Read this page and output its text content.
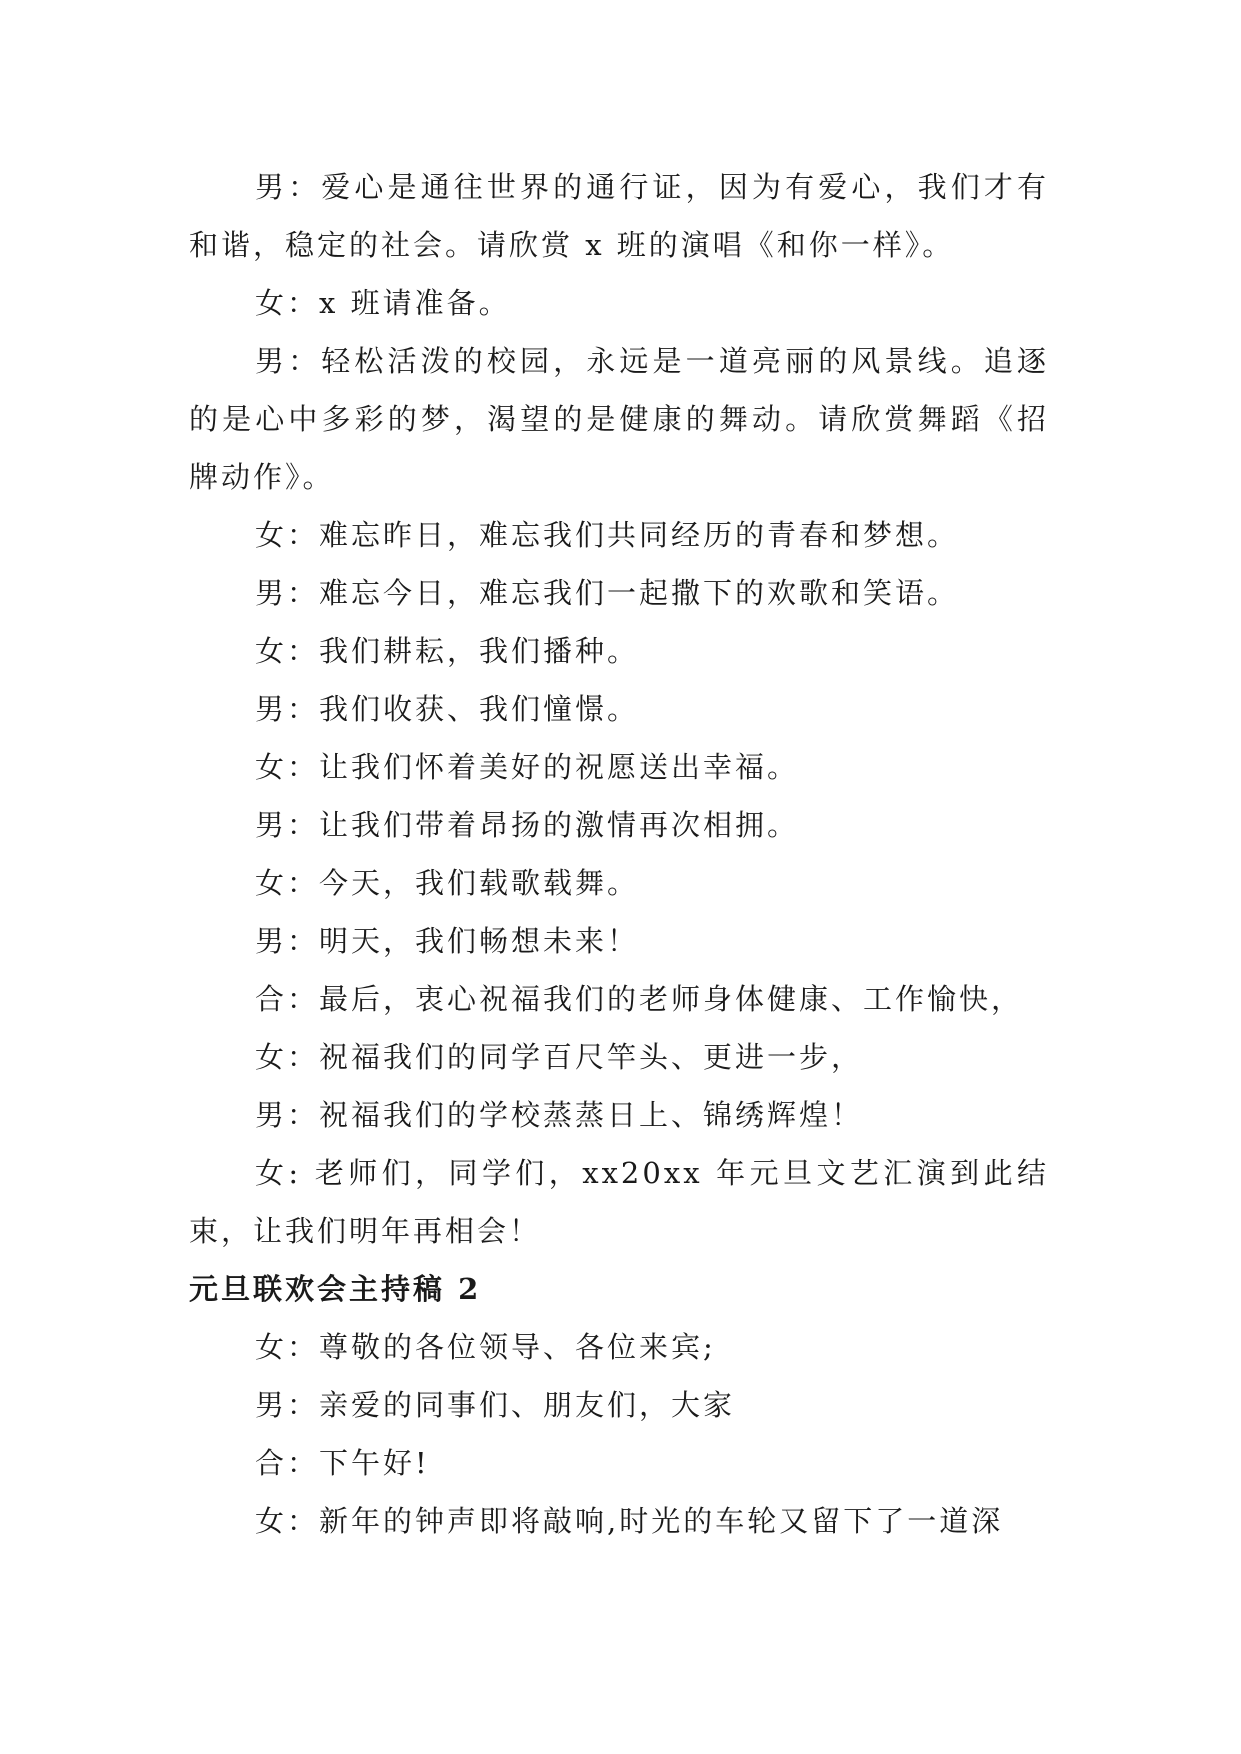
男：爱心是通往世界的通行证，因为有爱心，我们才有和谐，稳定的社会。请欣赏 x 班的演唱《和你一样》。

女：x 班请准备。

男：轻松活泼的校园，永远是一道亮丽的风景线。追逐的是心中多彩的梦，渴望的是健康的舞动。请欣赏舞蹈《招牌动作》。

女：难忘昨日，难忘我们共同经历的青春和梦想。

男：难忘今日，难忘我们一起撒下的欢歌和笑语。

女：我们耕耘，我们播种。

男：我们收获、我们憧憬。

女：让我们怀着美好的祝愿送出幸福。

男：让我们带着昂扬的激情再次相拥。

女：今天，我们载歌载舞。

男：明天，我们畅想未来！

合：最后，衷心祝福我们的老师身体健康、工作愉快，

女：祝福我们的同学百尺竿头、更进一步，

男：祝福我们的学校蒸蒸日上、锦绣辉煌！

女: 老师们，同学们，xx20xx 年元旦文艺汇演到此结束，让我们明年再相会！

元旦联欢会主持稿 2

女：尊敬的各位领导、各位来宾;

男：亲爱的同事们、朋友们，大家

合：下午好!

女：新年的钟声即将敲响,时光的车轮又留下了一道深
